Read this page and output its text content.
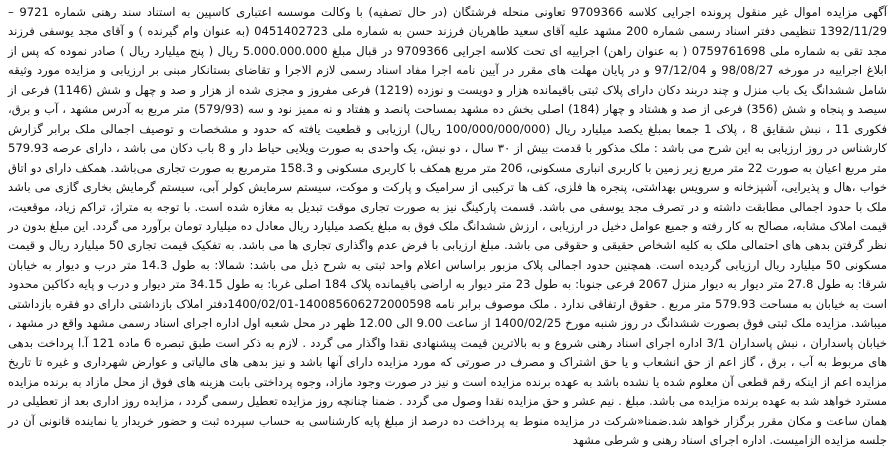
آگهی مزایده اموال غیر منقول پرونده اجرایی کلاسه 9709366 تعاونی منحله فرشتگان (در حال تصفیه) با وکالت موسسه اعتباری کاسپین به استناد سند رهنی شماره 9721 – 1392/11/29 تنظیمی دفتر اسناد رسمی شماره 200 مشهد علیه آقای سعید طاهریان فرزند حسن به شماره ملی 0451402723 (به عنوان وام گیرنده ) و آقای مجد یوسفی فرزند مجد تقی به شماره ملی 0759761698 ( به عنوان راهن) اجراییه ای تحت کلاسه اجرایی 9709366 در قبال مبلغ 5.000.000.000 ریال ( پنج میلیارد ریال ) صادر نموده که پس از ابلاغ اجراییه در مورخه 98/08/27 و 97/12/04 و در پایان مهلت های مقرر در آیین نامه اجرا مفاد اسناد رسمی لازم الاجرا و تقاضای بستانکار مبنی بر ارزیابی و مزایده مورد وثیقه شامل ششدانگ یک باب منزل و چند دربند دکان دارای پلاک ثبتی باقیمانده هزار و دویست و نوزده (1219) فرعی مفروز و مجزی شده از هزار و صد و چهل و شش (1146) فرعی از سیصد و پنجاه و شش (356) فرعی از صد و هشتاد و چهار (184) اصلی بخش ده مشهد بمساحت پانصد و هفتاد و نه ممیز نود و سه (579/93) متر مربع به آدرس مشهد ، آب و برق، فکوری 11 ، نبش شقایق 8 ، پلاک 1 جمعا بمبلغ یکصد میلیارد ریال (100/000/000/000 ریال) ارزیابی و قطعیت یافته که حدود و مشخصات و توصیف اجمالی ملک برابر گزارش کارشناس در روز ارزیابی به این شرح می باشد : ملک مذکور با قدمت بیش از ۳۰ سال ، دو نبش، یک واحدی به صورت ویلایی حیاط دار و 8 باب دکان می باشد ، دارای عرصه 579.93 متر مربع اعیان به صورت 22 متر مربع زیر زمین با کاربری انباری مسکونی، 206 متر مربع همکف با کاربری مسکونی و 158.3 مترمربع به صورت تجاری می‌باشد. همکف دارای دو اتاق خواب ،هال و پذیرایی، آشپزخانه و سرویس بهداشتی، پنجره ها فلزی، کف ها ترکیبی از سرامیک و پارکت و موکت، سیستم سرمایش کولر آبی، سیستم گرمایش بخاری گازی می باشد ملک با حدود اجمالی مطابقت داشته و در تصرف مجد یوسفی می باشد. قسمت پارکینگ نیز به صورت تجاری موقت تبدیل به مغازه شده است. با توجه به متراژ، تراکم زیاد، موقعیت، قیمت املاک مشابه، مصالح به کار رفته و جمیع عوامل دخیل در ارزیابی ، ارزش ششدانگ ملک فوق به مبلغ یکصد میلیارد ریال معادل ده میلیارد تومان برآورد می گردد. این مبلغ بدون در نظر گرفتن بدهی های احتمالی ملک به کلیه اشخاص حقیقی و حقوقی می باشد. مبلغ ارزیابی با فرض عدم واگذاری تجاری ها می باشد. به تفکیک قیمت تجاری 50 میلیارد ریال و قیمت مسکونی 50 میلیارد ریال ارزیابی گردیده است. همچنین حدود اجمالی پلاک مزبور براساس اعلام واحد ثبتی به شرح ذیل می باشد: شمالا: به طول 14.3 متر درب و دیوار به خیابان شرقا: به طول 27.8 متر دیوار به دیوار منزل 2067 فرعی جنوبا: به طول 23 متر دیوار به اراضی باقیمانده پلاک 184 اصلی غربا: به طول 34.15 متر دیوار و درب و پایه دکاکین محدود است به خیابان به مساحت 579.93 متر مربع . حقوق ارتفاقی ندارد . ملک موصوف برابر نامه 140085606272000598-1400/02/01دفتر املاک بازداشتی دارای دو فقره بازداشتی میباشد. مزایده ملک ثبتی فوق بصورت ششدانگ در روز شنبه مورخ 1400/02/25 از ساعت 9.00 الی 12.00 ظهر در محل شعبه اول اداره اجرای اسناد رسمی مشهد واقع در مشهد ، خیابان پاسداران ، نبش پاسداران 3/1 اداره اجرای اسناد رهنی شروع و به بالاترین قیمت پیشنهادی نقدا واگذار می گردد . لازم به ذکر است طبق تبصره 6 ماده 121 آ.ا پرداخت بدهی های مربوط به آب ، برق ، گاز اعم از حق انشعاب و یا حق اشتراک و مصرف در صورتی که مورد مزایده دارای آنها باشد و نیز بدهی های مالیاتی و عوارض شهرداری و غیره تا تاریخ مزایده اعم از اینکه رقم قطعی آن معلوم شده یا نشده باشد به عهده برنده مزایده است و نیز در صورت وجود مازاد، وجوه پرداختی بابت هزینه های فوق از محل مازاد به برنده مزایده مسترد خواهد شد به عهده برنده مزایده می باشد. مبلغ . نیم عشر و حق مزایده نقدا وصول می گردد . ضمنا چنانچه روز مزایده تعطیل رسمی گردد ، مزایده روز اداری بعد از تعطیلی در همان ساعت و مکان مقرر برگزار خواهد شد.ضمنا«شرکت در مزایده منوط به پرداخت ده درصد از مبلغ پایه کارشناسی به حساب سپرده ثبت و حضور خریدار یا نماینده قانونی آن در جلسه مزایده الزامیست. اداره اجرای اسناد رهنی و شرطی مشهد
